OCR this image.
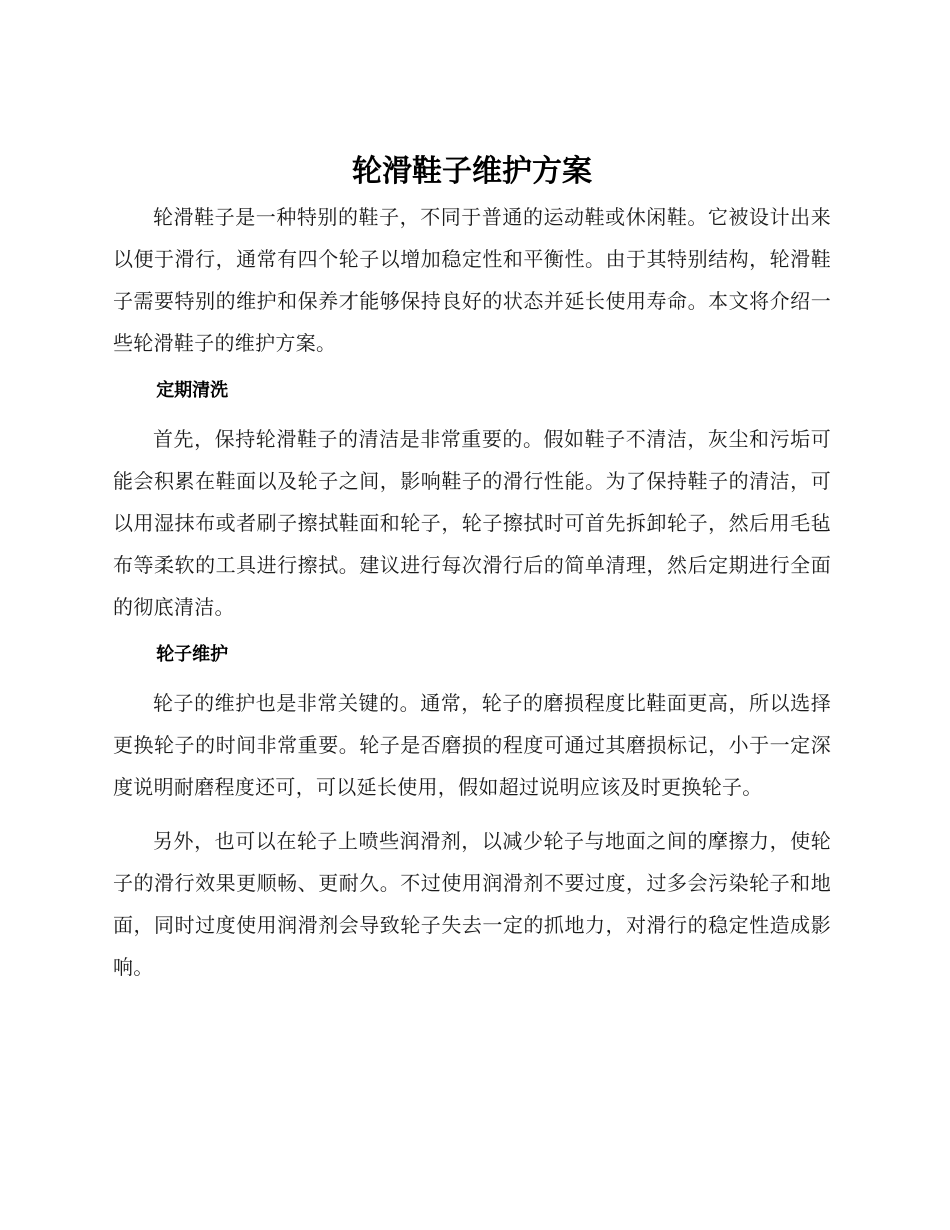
轮滑鞋子维护方案

轮滑鞋子是一种特别的鞋子，不同于普通的运动鞋或休闲鞋。它被设计出来以便于滑行，通常有四个轮子以增加稳定性和平衡性。由于其特别结构，轮滑鞋子需要特别的维护和保养才能够保持良好的状态并延长使用寿命。本文将介绍一些轮滑鞋子的维护方案。

定期清洗

首先，保持轮滑鞋子的清洁是非常重要的。假如鞋子不清洁，灰尘和污垢可能会积累在鞋面以及轮子之间，影响鞋子的滑行性能。为了保持鞋子的清洁，可以用湿抹布或者刷子擦拭鞋面和轮子，轮子擦拭时可首先拆卸轮子，然后用毛毡布等柔软的工具进行擦拭。建议进行每次滑行后的简单清理，然后定期进行全面的彻底清洁。

轮子维护

轮子的维护也是非常关键的。通常，轮子的磨损程度比鞋面更高，所以选择更换轮子的时间非常重要。轮子是否磨损的程度可通过其磨损标记，小于一定深度说明耐磨程度还可，可以延长使用，假如超过说明应该及时更换轮子。

另外，也可以在轮子上喷些润滑剂，以减少轮子与地面之间的摩擦力，使轮子的滑行效果更顺畅、更耐久。不过使用润滑剂不要过度，过多会污染轮子和地面，同时过度使用润滑剂会导致轮子失去一定的抓地力，对滑行的稳定性造成影响。
